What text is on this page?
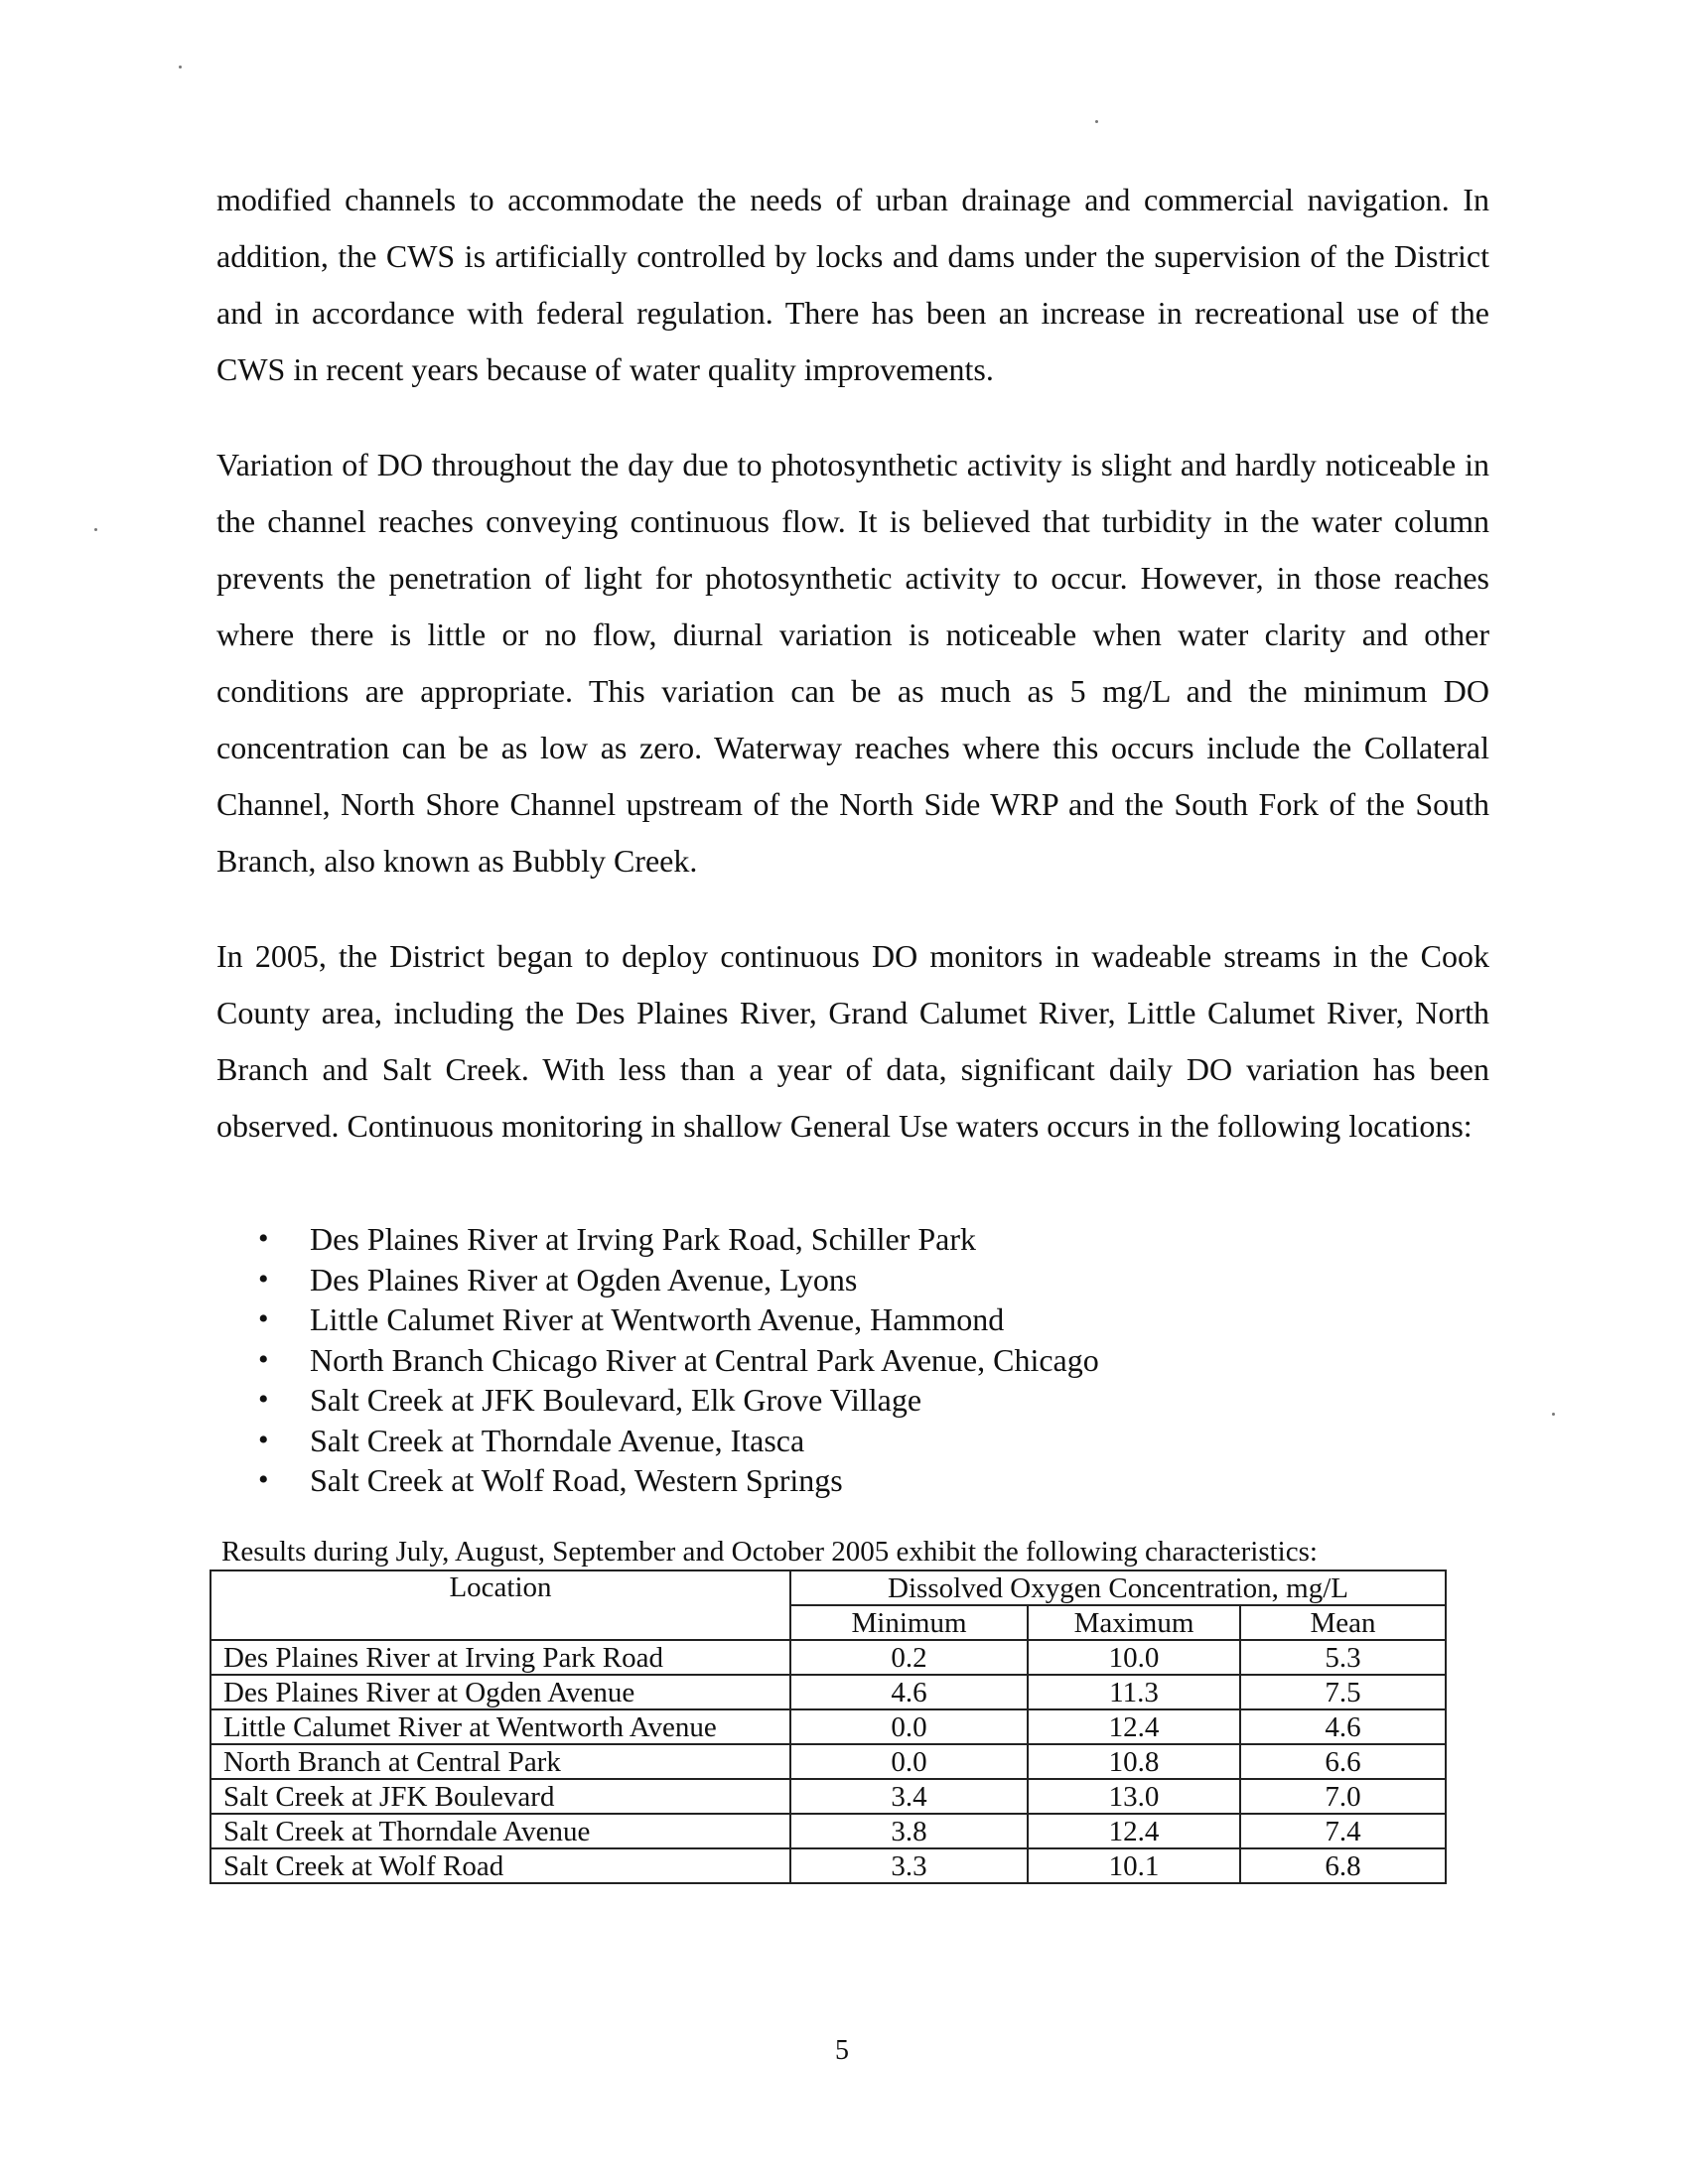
modified channels to accommodate the needs of urban drainage and commercial navigation. In addition, the CWS is artificially controlled by locks and dams under the supervision of the District and in accordance with federal regulation. There has been an increase in recreational use of the CWS in recent years because of water quality improvements.

Variation of DO throughout the day due to photosynthetic activity is slight and hardly noticeable in the channel reaches conveying continuous flow. It is believed that turbidity in the water column prevents the penetration of light for photosynthetic activity to occur. However, in those reaches where there is little or no flow, diurnal variation is noticeable when water clarity and other conditions are appropriate. This variation can be as much as 5 mg/L and the minimum DO concentration can be as low as zero. Waterway reaches where this occurs include the Collateral Channel, North Shore Channel upstream of the North Side WRP and the South Fork of the South Branch, also known as Bubbly Creek.

In 2005, the District began to deploy continuous DO monitors in wadeable streams in the Cook County area, including the Des Plaines River, Grand Calumet River, Little Calumet River, North Branch and Salt Creek. With less than a year of data, significant daily DO variation has been observed. Continuous monitoring in shallow General Use waters occurs in the following locations:

• Des Plaines River at Irving Park Road, Schiller Park
• Des Plaines River at Ogden Avenue, Lyons
• Little Calumet River at Wentworth Avenue, Hammond
• North Branch Chicago River at Central Park Avenue, Chicago
• Salt Creek at JFK Boulevard, Elk Grove Village
• Salt Creek at Thorndale Avenue, Itasca
• Salt Creek at Wolf Road, Western Springs

Results during July, August, September and October 2005 exhibit the following characteristics:

Location	Dissolved Oxygen Concentration, mg/L		
	Minimum	Maximum	Mean
Des Plaines River at Irving Park Road	0.2	10.0	5.3
Des Plaines River at Ogden Avenue	4.6	11.3	7.5
Little Calumet River at Wentworth Avenue	0.0	12.4	4.6
North Branch at Central Park	0.0	10.8	6.6
Salt Creek at JFK Boulevard	3.4	13.0	7.0
Salt Creek at Thorndale Avenue	3.8	12.4	7.4
Salt Creek at Wolf Road	3.3	10.1	6.8
5
